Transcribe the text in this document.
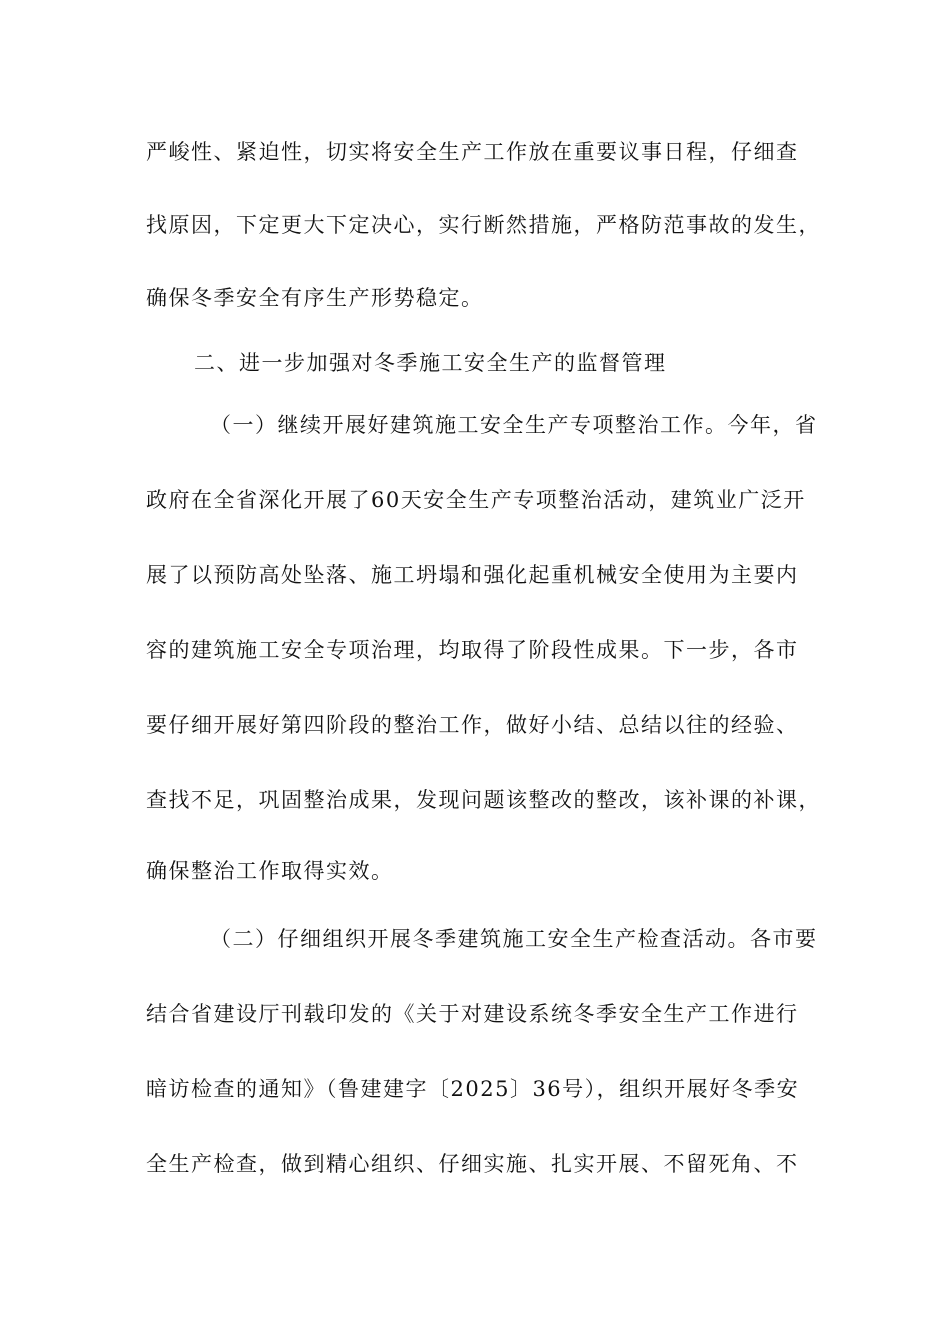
严峻性、紧迫性，切实将安全生产工作放在重要议事日程，仔细查
找原因，下定更大下定决心，实行断然措施，严格防范事故的发生，
确保冬季安全有序生产形势稳定。
二、进一步加强对冬季施工安全生产的监督管理
（一）继续开展好建筑施工安全生产专项整治工作。今年，省
政府在全省深化开展了60天安全生产专项整治活动，建筑业广泛开
展了以预防高处坠落、施工坍塌和强化起重机械安全使用为主要内
容的建筑施工安全专项治理，均取得了阶段性成果。下一步，各市
要仔细开展好第四阶段的整治工作，做好小结、总结以往的经验、
查找不足，巩固整治成果，发现问题该整改的整改，该补课的补课，
确保整治工作取得实效。
（二）仔细组织开展冬季建筑施工安全生产检查活动。各市要
结合省建设厅刊载印发的《关于对建设系统冬季安全生产工作进行
暗访检查的通知》（鲁建建字〔2025〕36号），组织开展好冬季安
全生产检查，做到精心组织、仔细实施、扎实开展、不留死角、不
